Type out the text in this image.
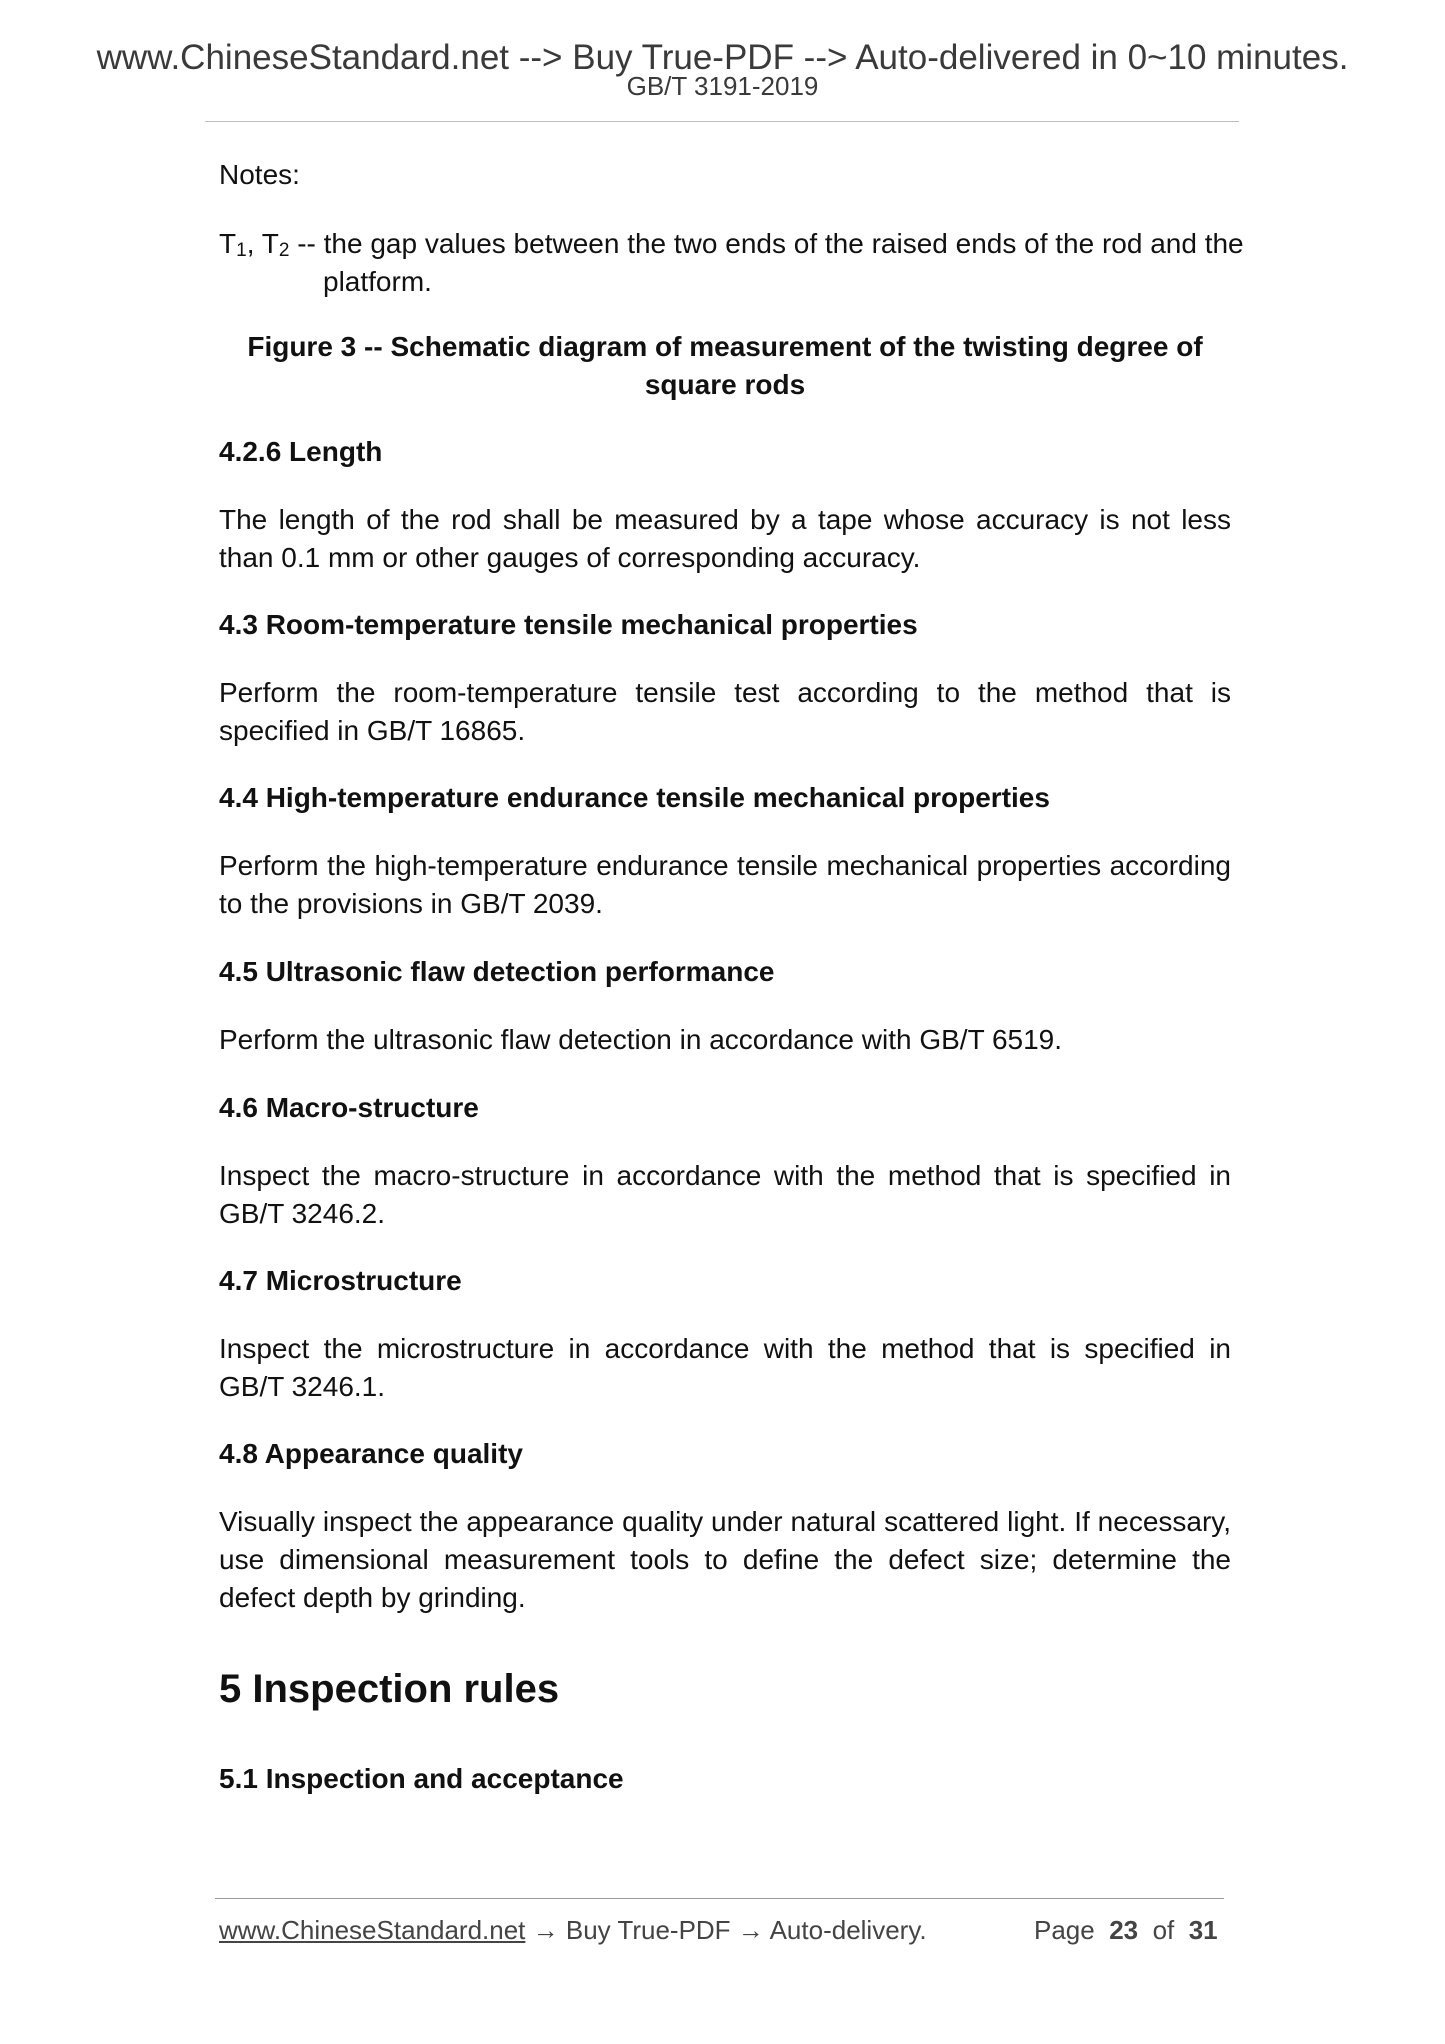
www.ChineseStandard.net --> Buy True-PDF --> Auto-delivered in 0~10 minutes.
GB/T 3191-2019
Notes:
$T_1$, $T_2$ -- the gap values between the two ends of the raised ends of the rod and the platform.
Figure 3 -- Schematic diagram of measurement of the twisting degree of square rods
4.2.6 Length
The length of the rod shall be measured by a tape whose accuracy is not less than 0.1 mm or other gauges of corresponding accuracy.
4.3 Room-temperature tensile mechanical properties
Perform the room-temperature tensile test according to the method that is specified in GB/T 16865.
4.4 High-temperature endurance tensile mechanical properties
Perform the high-temperature endurance tensile mechanical properties according to the provisions in GB/T 2039.
4.5 Ultrasonic flaw detection performance
Perform the ultrasonic flaw detection in accordance with GB/T 6519.
4.6 Macro-structure
Inspect the macro-structure in accordance with the method that is specified in GB/T 3246.2.
4.7 Microstructure
Inspect the microstructure in accordance with the method that is specified in GB/T 3246.1.
4.8 Appearance quality
Visually inspect the appearance quality under natural scattered light. If necessary, use dimensional measurement tools to define the defect size; determine the defect depth by grinding.
5 Inspection rules
5.1 Inspection and acceptance
www.ChineseStandard.net → Buy True-PDF → Auto-delivery.	Page 23 of 31
